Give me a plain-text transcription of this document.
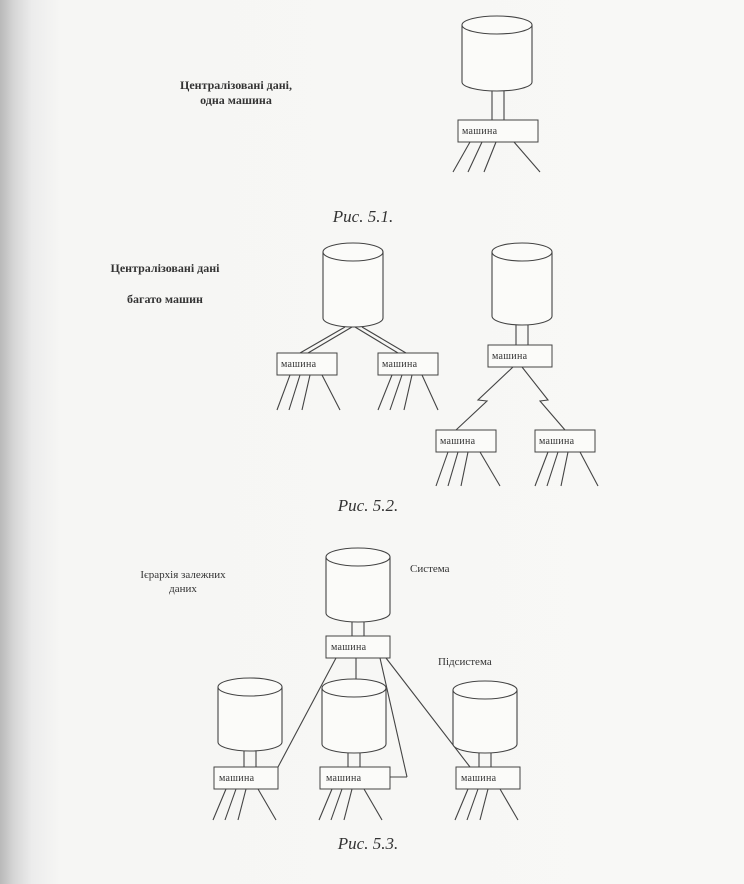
Централізовані дані,
одна машина
машина
Рис. 5.1.
Централізовані дані
багато машин
машина	машина
машина
машина	машина
Рис. 5.2.
Ієрархія залежних
даних
Система
Підсистема
машина
машина	машина	машина
Рис. 5.3.
